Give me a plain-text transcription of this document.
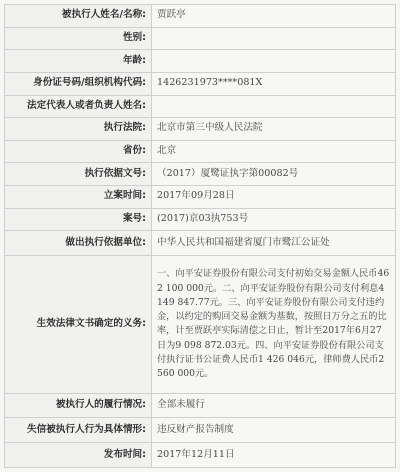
被执行人姓名/名称:	贾跃亭
性别:	
年龄:	
身份证号码/组织机构代码:	1426231973****081X
法定代表人或者负责人姓名:	
执行法院:	北京市第三中级人民法院
省份:	北京
执行依据文号:	（2017）厦鹭证执字第00082号
立案时间:	2017年09月28日
案号:	(2017)京03执753号
做出执行依据单位:	中华人民共和国福建省厦门市鹭江公证处
生效法律文书确定的义务:	一、向平安证券股份有限公司支付初始交易金额人民币462 100 000元。二、向平安证券股份有限公司支付利息4 149 847.77元。三、向平安证券股份有限公司支付违约金，以约定的购回交易金额为基数，按照日万分之五的比率，计至贾跃亭实际清偿之日止，暂计至2017年6月27日为9 098 872.03元。四、向平安证券股份有限公司支付执行证书公证费人民币1 426 046元，律师费人民币2 560 000元。
被执行人的履行情况:	全部未履行
失信被执行人行为具体情形:	违反财产报告制度
发布时间:	2017年12月11日
